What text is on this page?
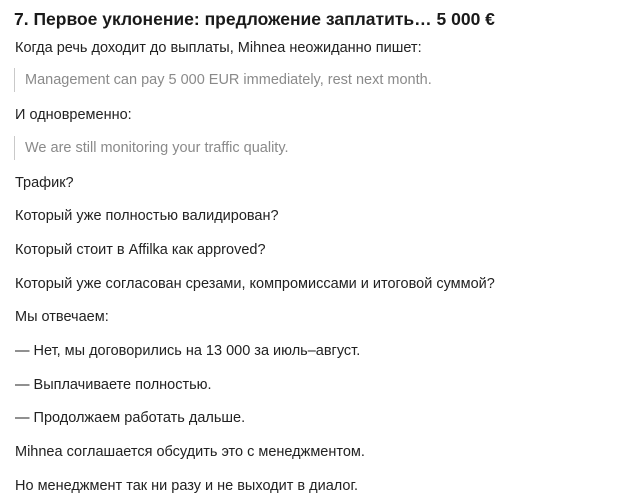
7. Первое уклонение: предложение заплатить… 5 000 €

Когда речь доходит до выплаты, Mihnea неожиданно пишет:

Management can pay 5 000 EUR immediately, rest next month.

И одновременно:

We are still monitoring your traffic quality.

Трафик?

Который уже полностью валидирован?

Который стоит в Affilka как approved?

Который уже согласован срезами, компромиссами и итоговой суммой?

Мы отвечаем:

— Нет, мы договорились на 13 000 за июль–август.

— Выплачиваете полностью.

— Продолжаем работать дальше.

Mihnea соглашается обсудить это с менеджментом.

Но менеджмент так ни разу и не выходит в диалог.
